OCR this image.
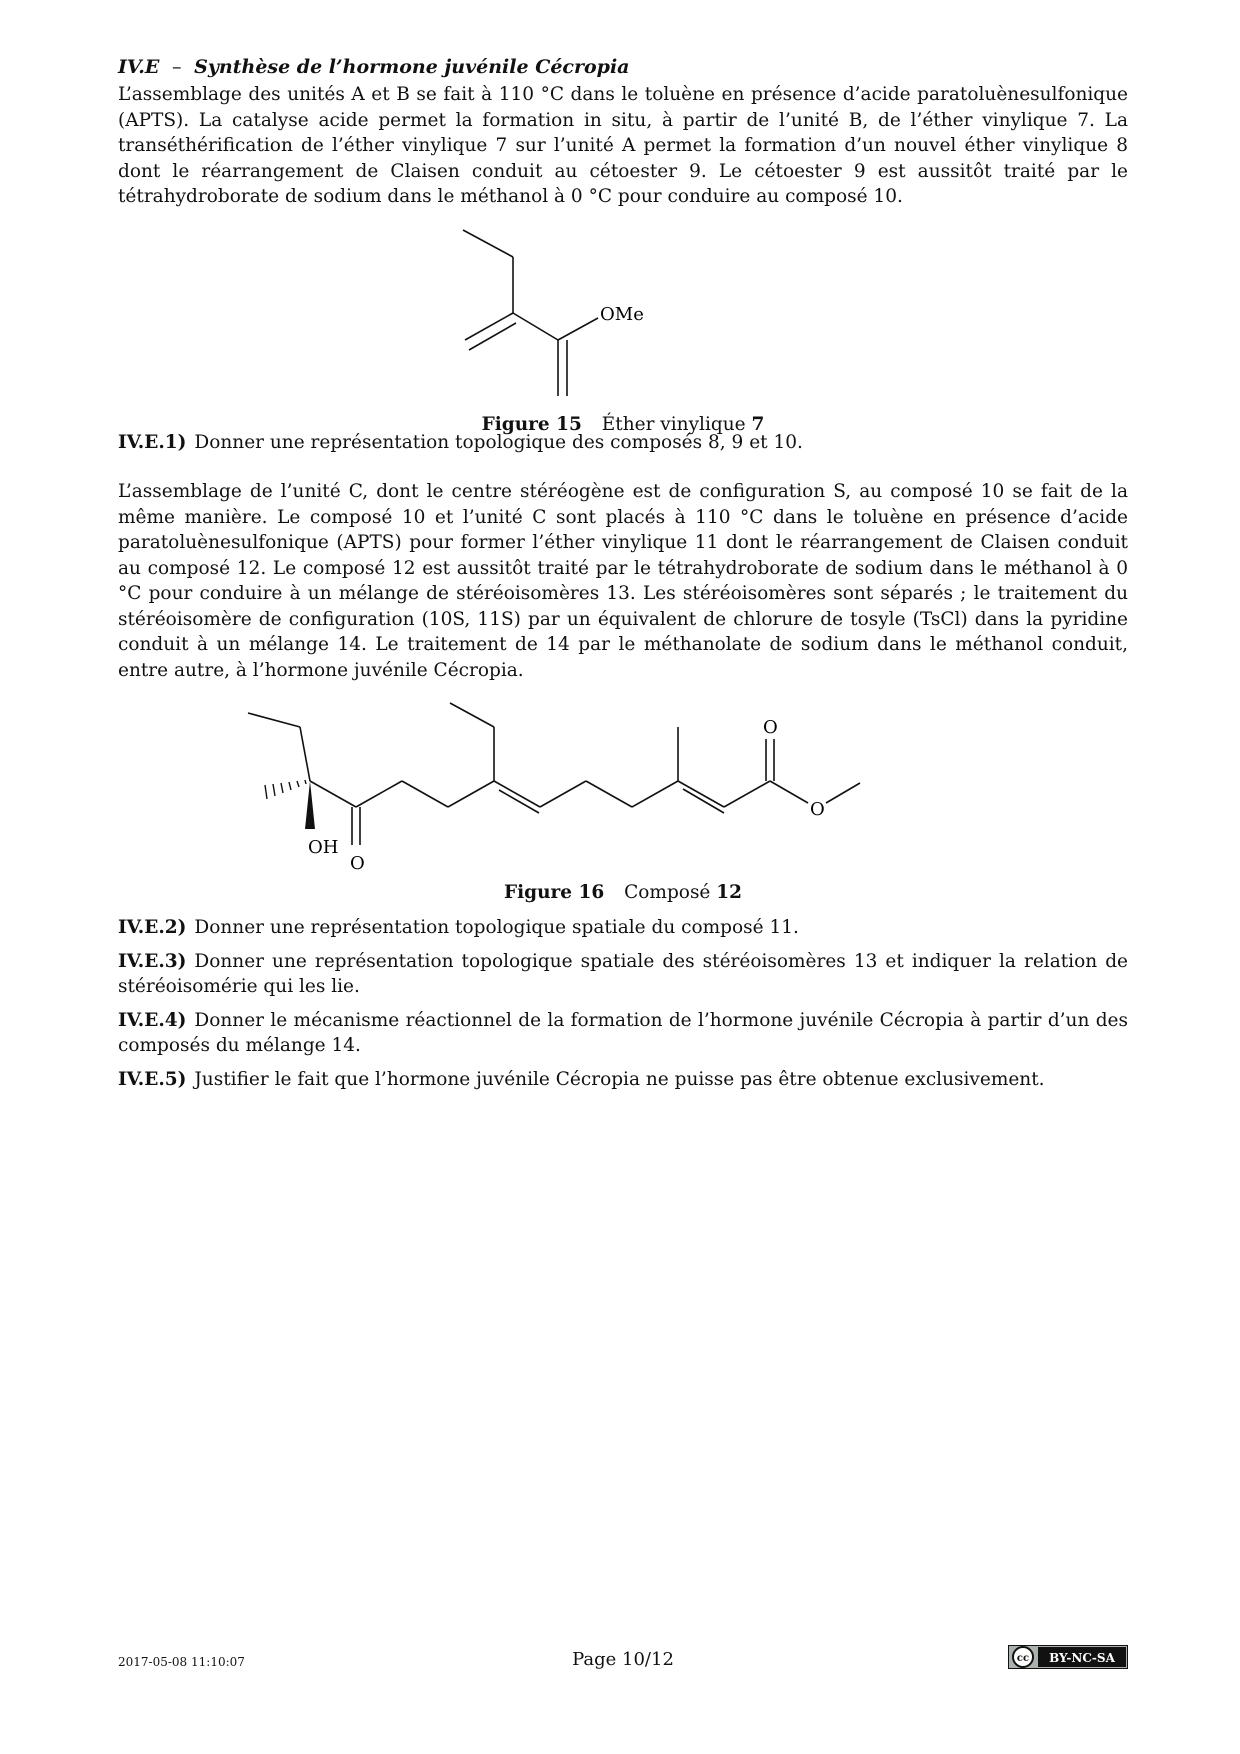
IV.E – Synthèse de l’hormone juvénile Cécropia

L’assemblage des unités A et B se fait à 110 °C dans le toluène en présence d’acide paratoluènesulfonique (APTS). La catalyse acide permet la formation in situ, à partir de l’unité B, de l’éther vinylique 7. La transéthérification de l’éther vinylique 7 sur l’unité A permet la formation d’un nouvel éther vinylique 8 dont le réarrangement de Claisen conduit au cétoester 9. Le cétoester 9 est aussitôt traité par le tétrahydroborate de sodium dans le méthanol à 0 °C pour conduire au composé 10.

OMe
Figure 15 Éther vinylique 7

IV.E.1) Donner une représentation topologique des composés 8, 9 et 10.

L’assemblage de l’unité C, dont le centre stéréogène est de configuration S, au composé 10 se fait de la même manière. Le composé 10 et l’unité C sont placés à 110 °C dans le toluène en présence d’acide paratoluènesulfonique (APTS) pour former l’éther vinylique 11 dont le réarrangement de Claisen conduit au composé 12. Le composé 12 est aussitôt traité par le tétrahydroborate de sodium dans le méthanol à 0 °C pour conduire à un mélange de stéréoisomères 13. Les stéréoisomères sont séparés ; le traitement du stéréoisomère de configuration (10S, 11S) par un équivalent de chlorure de tosyle (TsCl) dans la pyridine conduit à un mélange 14. Le traitement de 14 par le méthanolate de sodium dans le méthanol conduit, entre autre, à l’hormone juvénile Cécropia.

OH
O
O
O
Figure 16 Composé 12

IV.E.2) Donner une représentation topologique spatiale du composé 11.

IV.E.3) Donner une représentation topologique spatiale des stéréoisomères 13 et indiquer la relation de stéréoisomérie qui les lie.

IV.E.4) Donner le mécanisme réactionnel de la formation de l’hormone juvénile Cécropia à partir d’un des composés du mélange 14.

IV.E.5) Justifier le fait que l’hormone juvénile Cécropia ne puisse pas être obtenue exclusivement.

2017-05-08 11:10:07	Page 10/12	cc BY-NC-SA
